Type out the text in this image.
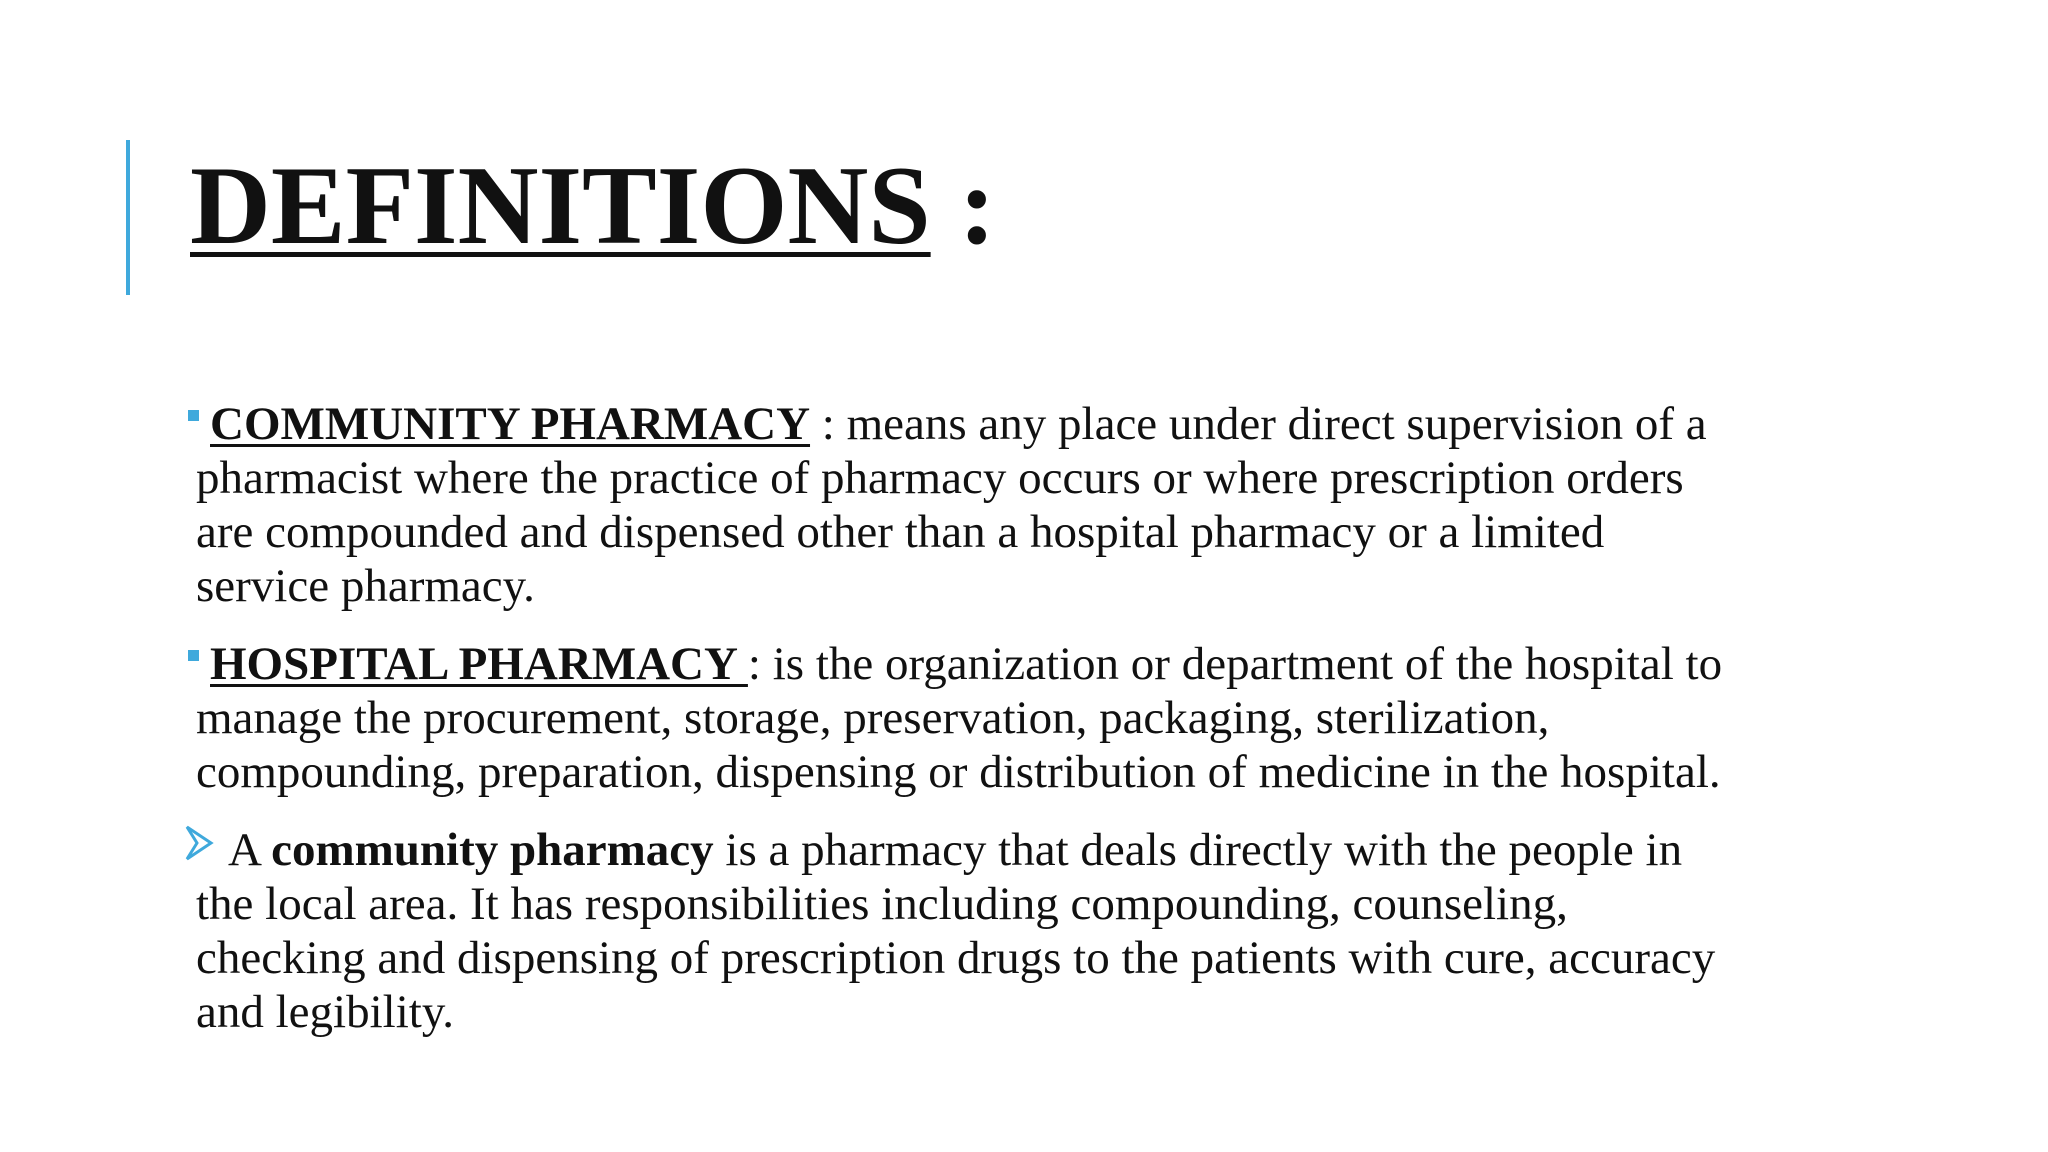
DEFINITIONS :
COMMUNITY PHARMACY : means any place under direct supervision of a
pharmacist where the practice of pharmacy occurs or where prescription orders
are compounded and dispensed other than a hospital pharmacy or a limited
service pharmacy.
HOSPITAL PHARMACY : is the organization or department of the hospital to
manage the procurement, storage, preservation, packaging, sterilization,
compounding, preparation, dispensing or distribution of medicine in the hospital.
A community pharmacy is a pharmacy that deals directly with the people in
the local area. It has responsibilities including compounding, counseling,
checking and dispensing of prescription drugs to the patients with cure, accuracy
and legibility.
